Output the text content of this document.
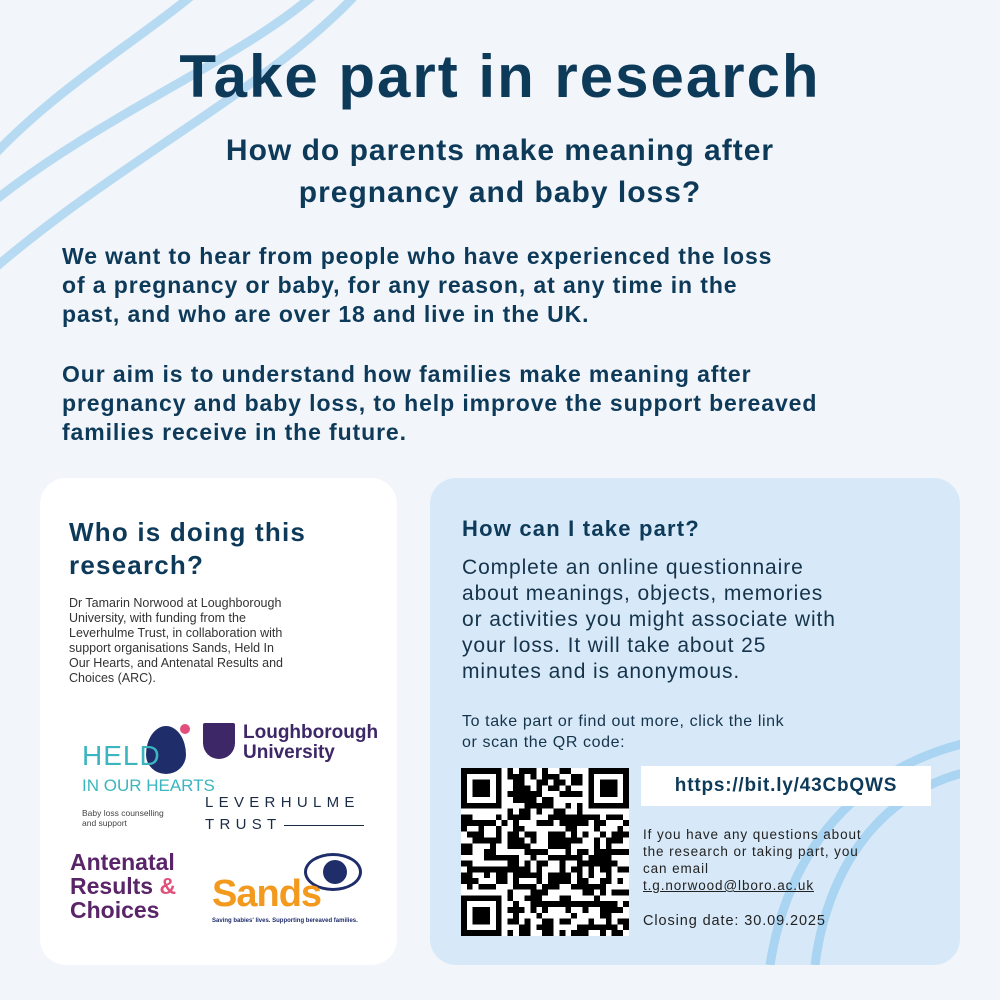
Take part in research
How do parents make meaning after
pregnancy and baby loss?
We want to hear from people who have experienced the loss
of a pregnancy or baby, for any reason, at any time in the
past, and who are over 18 and live in the UK.
Our aim is to understand how families make meaning after
pregnancy and baby loss, to help improve the support bereaved
families receive in the future.
Who is doing this research?
Dr Tamarin Norwood at Loughborough
University, with funding from the
Leverhulme Trust, in collaboration with
support organisations Sands, Held In
Our Hearts, and Antenatal Results and
Choices (ARC).
HELD
IN OUR HEARTS
Baby loss counselling
and support
Loughborough
University
LEVERHULME
TRUST
Antenatal
Results &
Choices	Sands
Saving babies' lives. Supporting bereaved families.
How can I take part?
Complete an online questionnaire
about meanings, objects, memories
or activities you might associate with
your loss. It will take about 25
minutes and is anonymous.
To take part or find out more, click the link
or scan the QR code:
https://bit.ly/43CbQWS
If you have any questions about
the research or taking part, you
can email
t.g.norwood@lboro.ac.uk
Closing date: 30.09.2025
